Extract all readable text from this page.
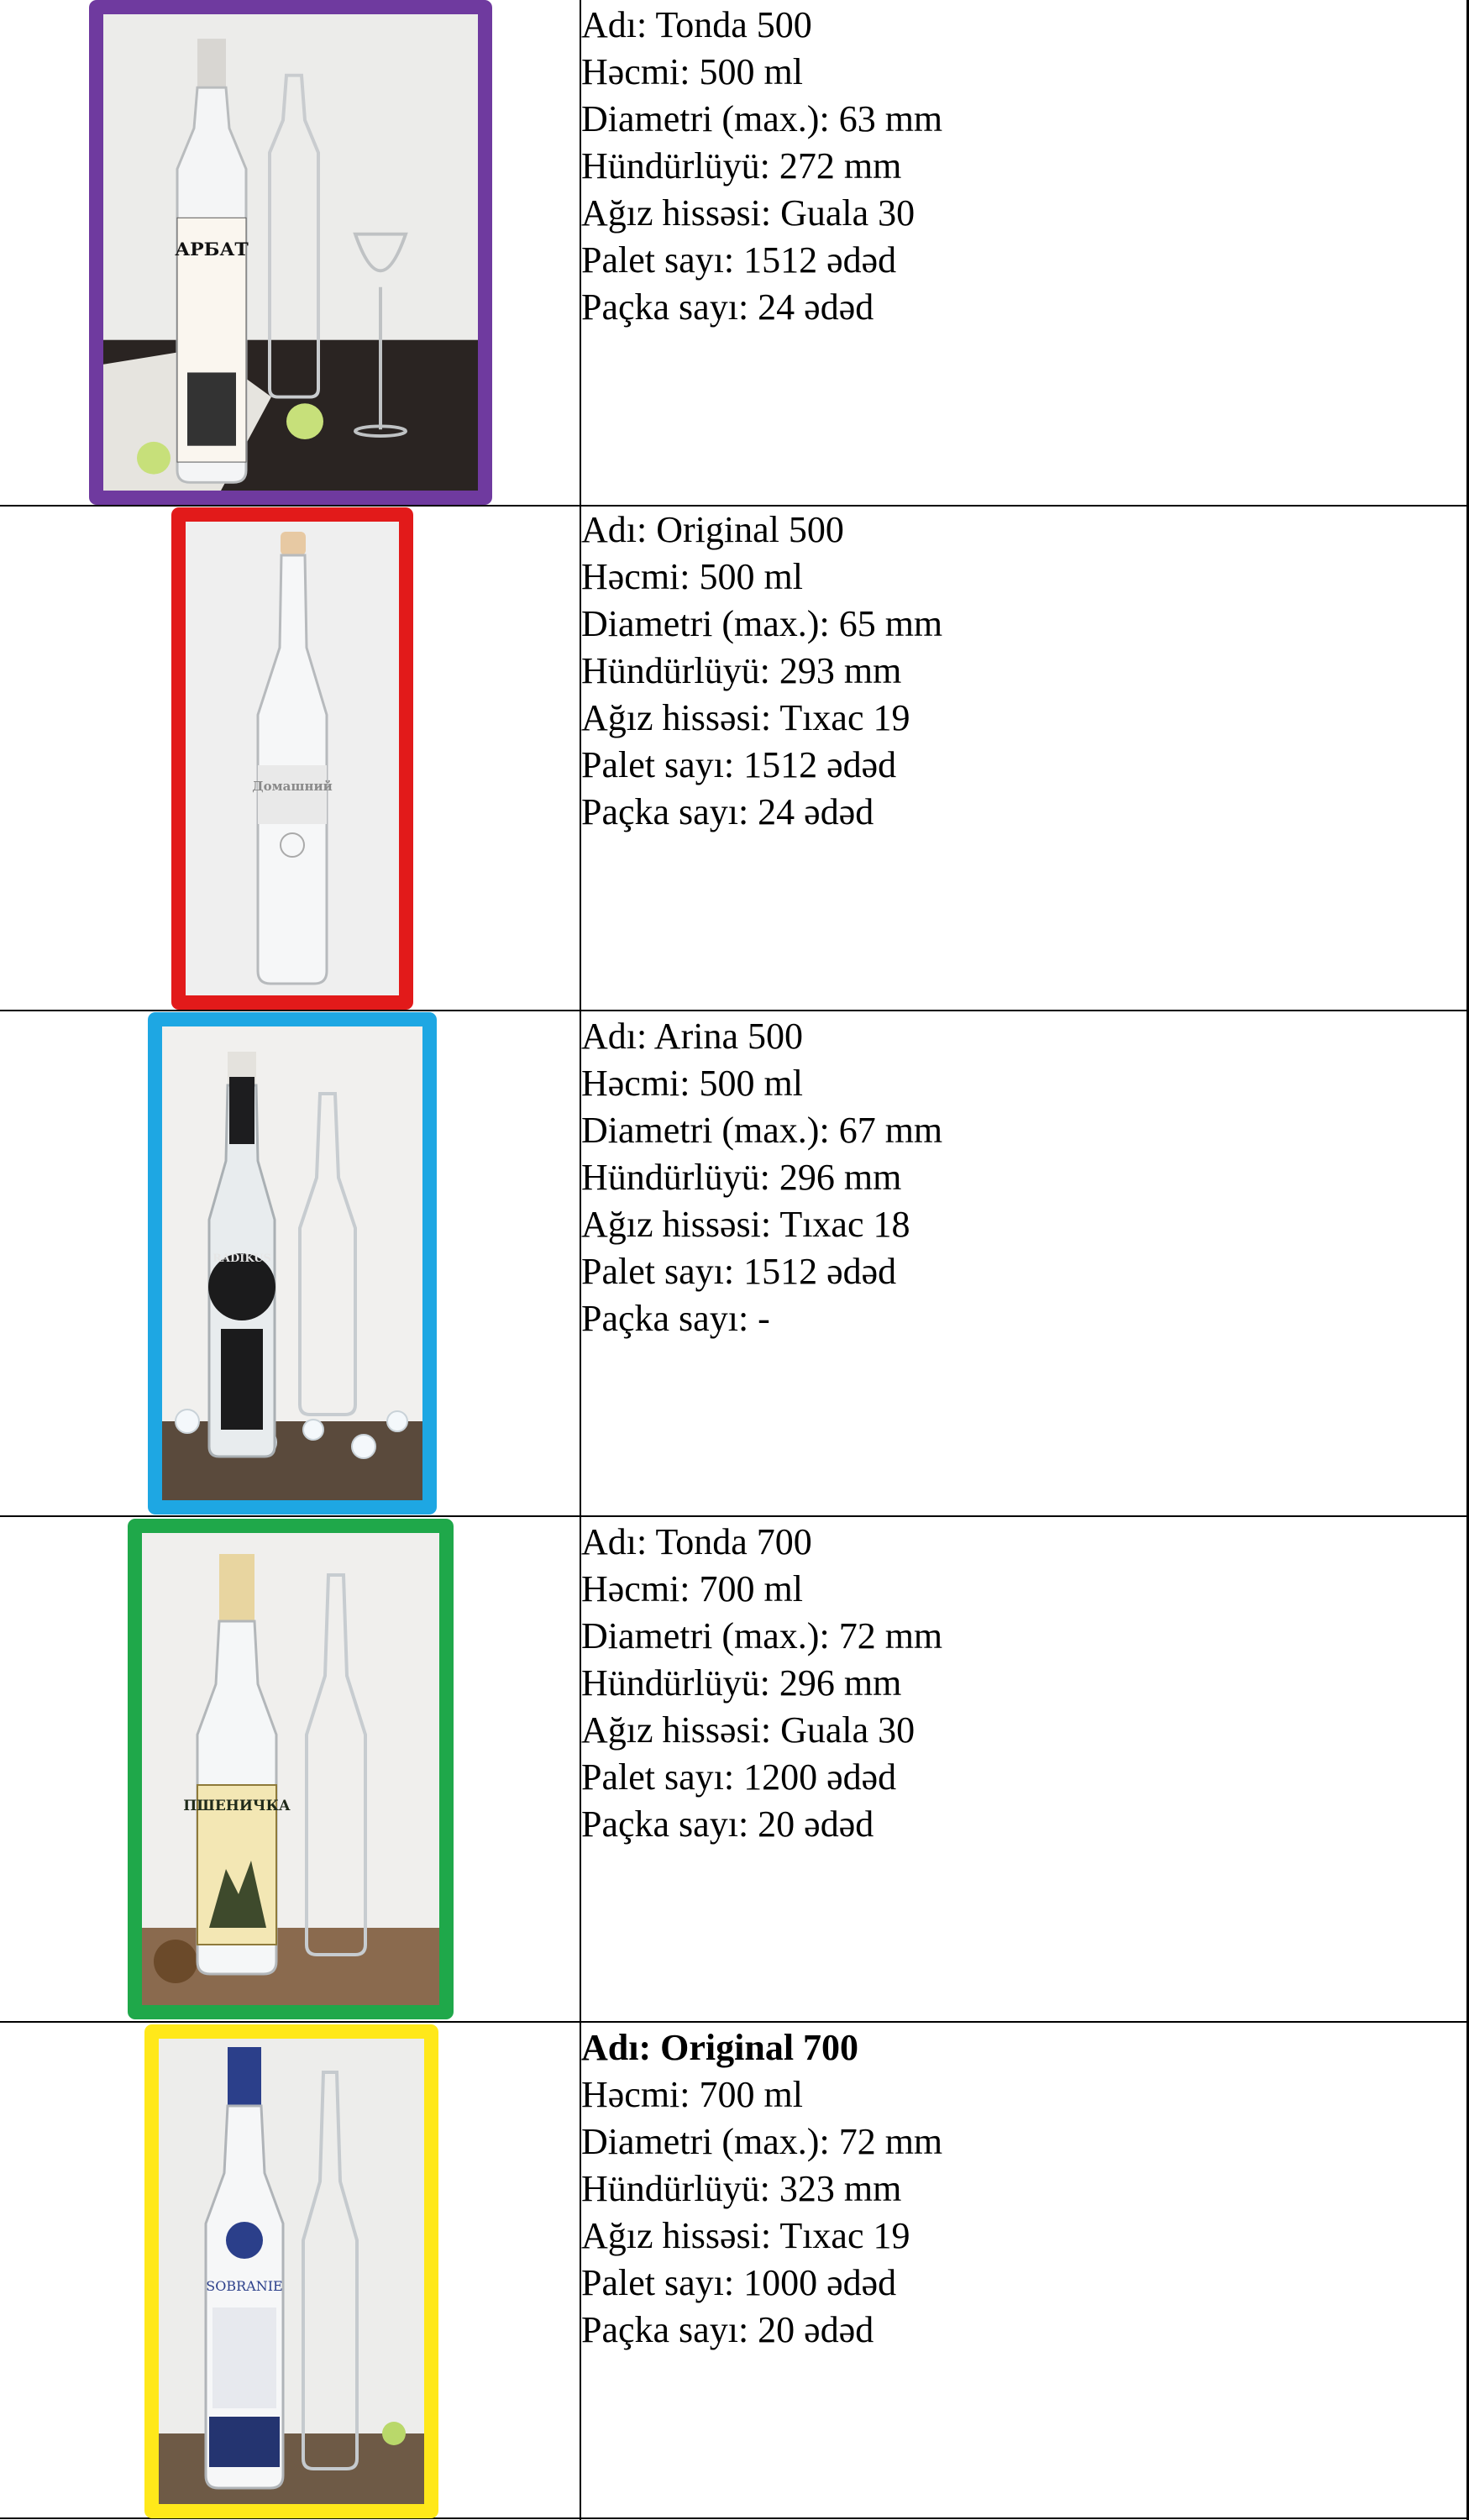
АРБАТ
Adı: Tonda 500
Həcmi: 500 ml
Diametri (max.): 63 mm
Hündürlüyü: 272 mm
Ağız hissəsi: Guala 30
Palet sayı: 1512 ədəd
Paçka sayı: 24 ədəd
Домашний
Adı: Original 500
Həcmi: 500 ml
Diametri (max.): 65 mm
Hündürlüyü: 293 mm
Ağız hissəsi: Tıxac 19
Palet sayı: 1512 ədəd
Paçka sayı: 24 ədəd
RADIKUS
Adı: Arina 500
Həcmi: 500 ml
Diametri (max.): 67 mm
Hündürlüyü: 296 mm
Ağız hissəsi: Tıxac 18
Palet sayı: 1512 ədəd
Paçka sayı: -
ПШЕНИЧКА
Adı: Tonda 700
Həcmi: 700 ml
Diametri (max.): 72 mm
Hündürlüyü: 296 mm
Ağız hissəsi: Guala 30
Palet sayı: 1200 ədəd
Paçka sayı: 20 ədəd
SOBRANIE
Adı: Original 700
Həcmi: 700 ml
Diametri (max.): 72 mm
Hündürlüyü: 323 mm
Ağız hissəsi: Tıxac 19
Palet sayı: 1000 ədəd
Paçka sayı: 20 ədəd
